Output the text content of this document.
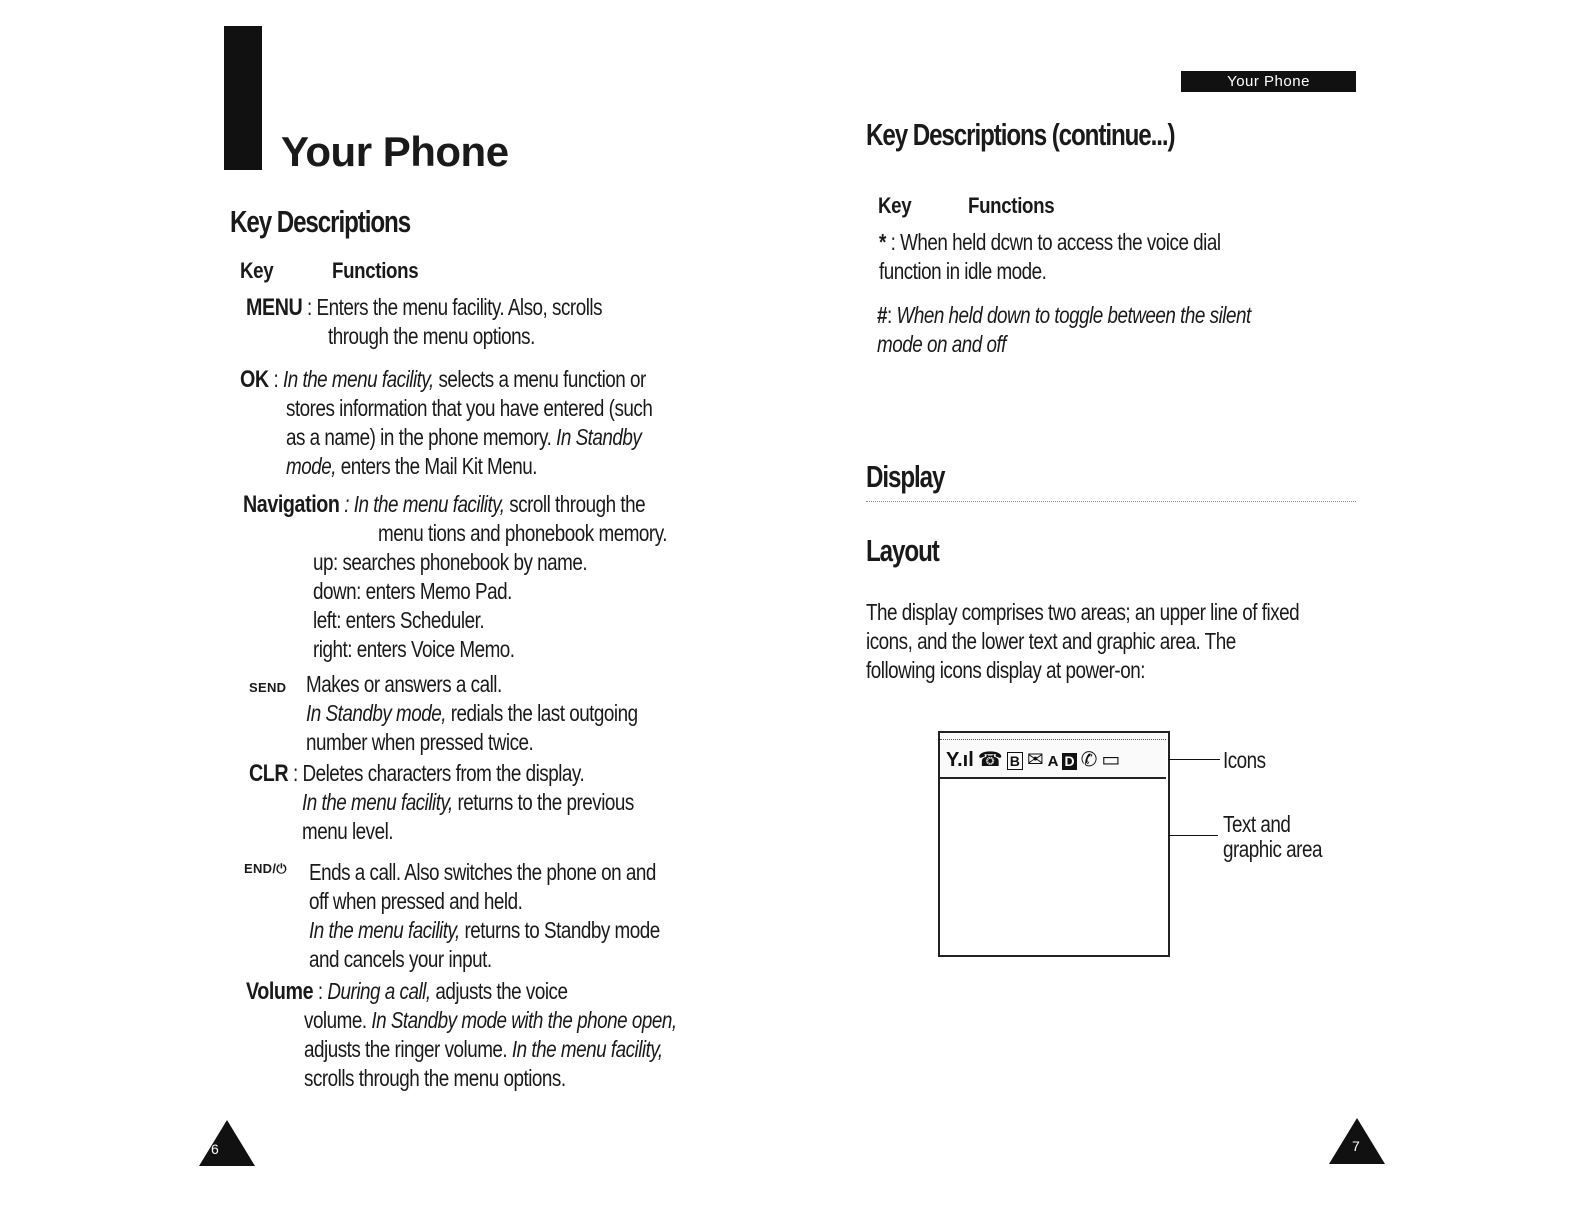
Your Phone
Key Descriptions
Key	Functions
MENU : Enters the menu facility. Also, scrolls
through the menu options.
OK : In the menu facility, selects a menu function or
stores information that you have entered (such
as a name) in the phone memory. In Standby
mode, enters the Mail Kit Menu.
Navigation : In the menu facility, scroll through the
menu tions and phonebook memory.
up: searches phonebook by name.
down: enters Memo Pad.
left: enters Scheduler.
right: enters Voice Memo.
SEND Makes or answers a call.
In Standby mode, redials the last outgoing
number when pressed twice.
CLR : Deletes characters from the display.
In the menu facility, returns to the previous
menu level.
END/⏻ Ends a call. Also switches the phone on and
off when pressed and held.
In the menu facility, returns to Standby mode
and cancels your input.
Volume : During a call, adjusts the voice
volume. In Standby mode with the phone open,
adjusts the ringer volume. In the menu facility,
scrolls through the menu options.
6
Your Phone
Key Descriptions (continue...)
Key	Functions
* : When held dcwn to access the voice dial
function in idle mode.
#: When held down to toggle between the silent
mode on and off
Display
Layout
The display comprises two areas; an upper line of fixed
icons, and the lower text and graphic area. The
following icons display at power-on:
Y.ıl ☎ B ✉ A D ✆ ▭	Icons
Text and
graphic area
7
